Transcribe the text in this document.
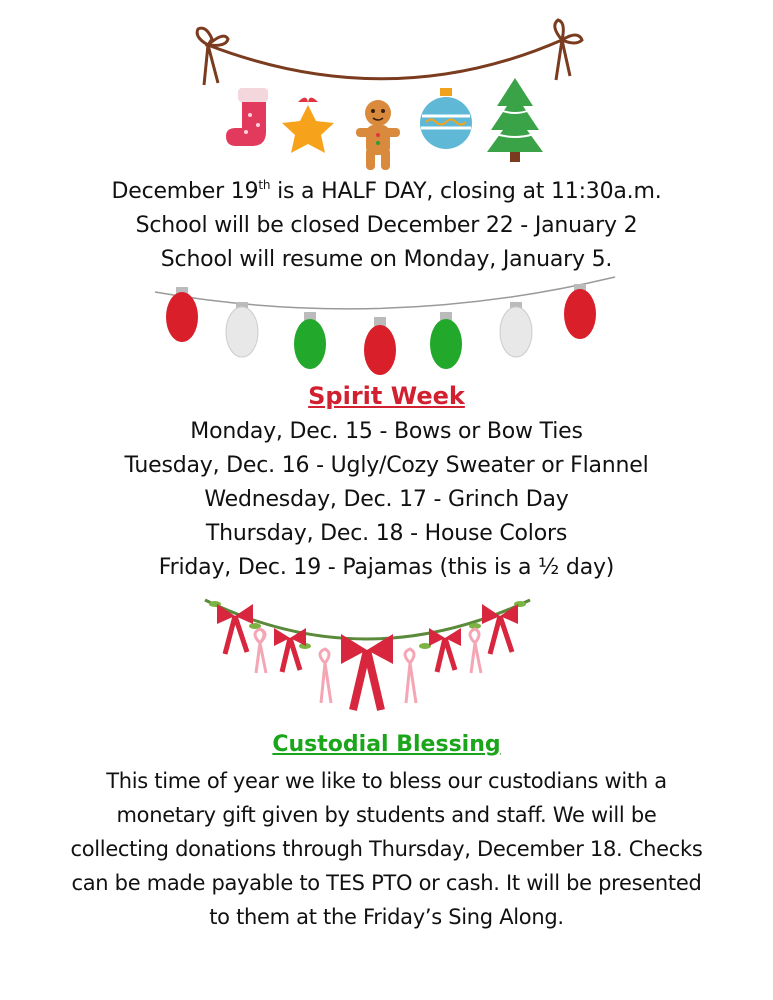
December 19th is a HALF DAY, closing at 11:30a.m.
School will be closed December 22 - January 2
School will resume on Monday, January 5.
Spirit Week
Monday, Dec. 15 - Bows or Bow Ties
Tuesday, Dec. 16 - Ugly/Cozy Sweater or Flannel
Wednesday, Dec. 17 - Grinch Day
Thursday, Dec. 18 - House Colors
Friday, Dec. 19 - Pajamas (this is a ½ day)
Custodial Blessing
This time of year we like to bless our custodians with a
monetary gift given by students and staff. We will be
collecting donations through Thursday, December 18. Checks
can be made payable to TES PTO or cash. It will be presented
to them at the Friday’s Sing Along.
